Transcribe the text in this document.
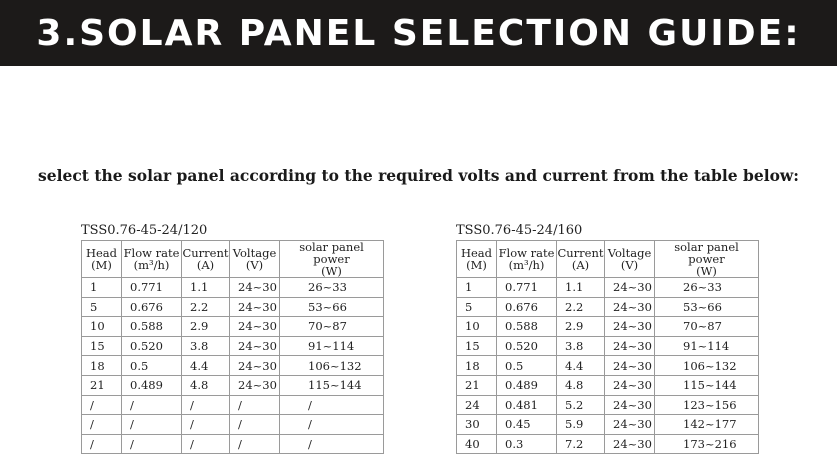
3.SOLAR PANEL SELECTION GUIDE:
select the solar panel according to the required volts and current from the table below:
TSS0.76-45-24/120
Head
(M)	Flow rate
(m³/h)	Current
(A)	Voltage
(V)	solar panel power
(W)
1	0.771	1.1	24~30	26~33
5	0.676	2.2	24~30	53~66
10	0.588	2.9	24~30	70~87
15	0.520	3.8	24~30	91~114
18	0.5	4.4	24~30	106~132
21	0.489	4.8	24~30	115~144
/	/	/	/	/
/	/	/	/	/
/	/	/	/	/
TSS0.76-45-24/160
Head
(M)	Flow rate
(m³/h)	Current
(A)	Voltage
(V)	solar panel power
(W)
1	0.771	1.1	24~30	26~33
5	0.676	2.2	24~30	53~66
10	0.588	2.9	24~30	70~87
15	0.520	3.8	24~30	91~114
18	0.5	4.4	24~30	106~132
21	0.489	4.8	24~30	115~144
24	0.481	5.2	24~30	123~156
30	0.45	5.9	24~30	142~177
40	0.3	7.2	24~30	173~216
